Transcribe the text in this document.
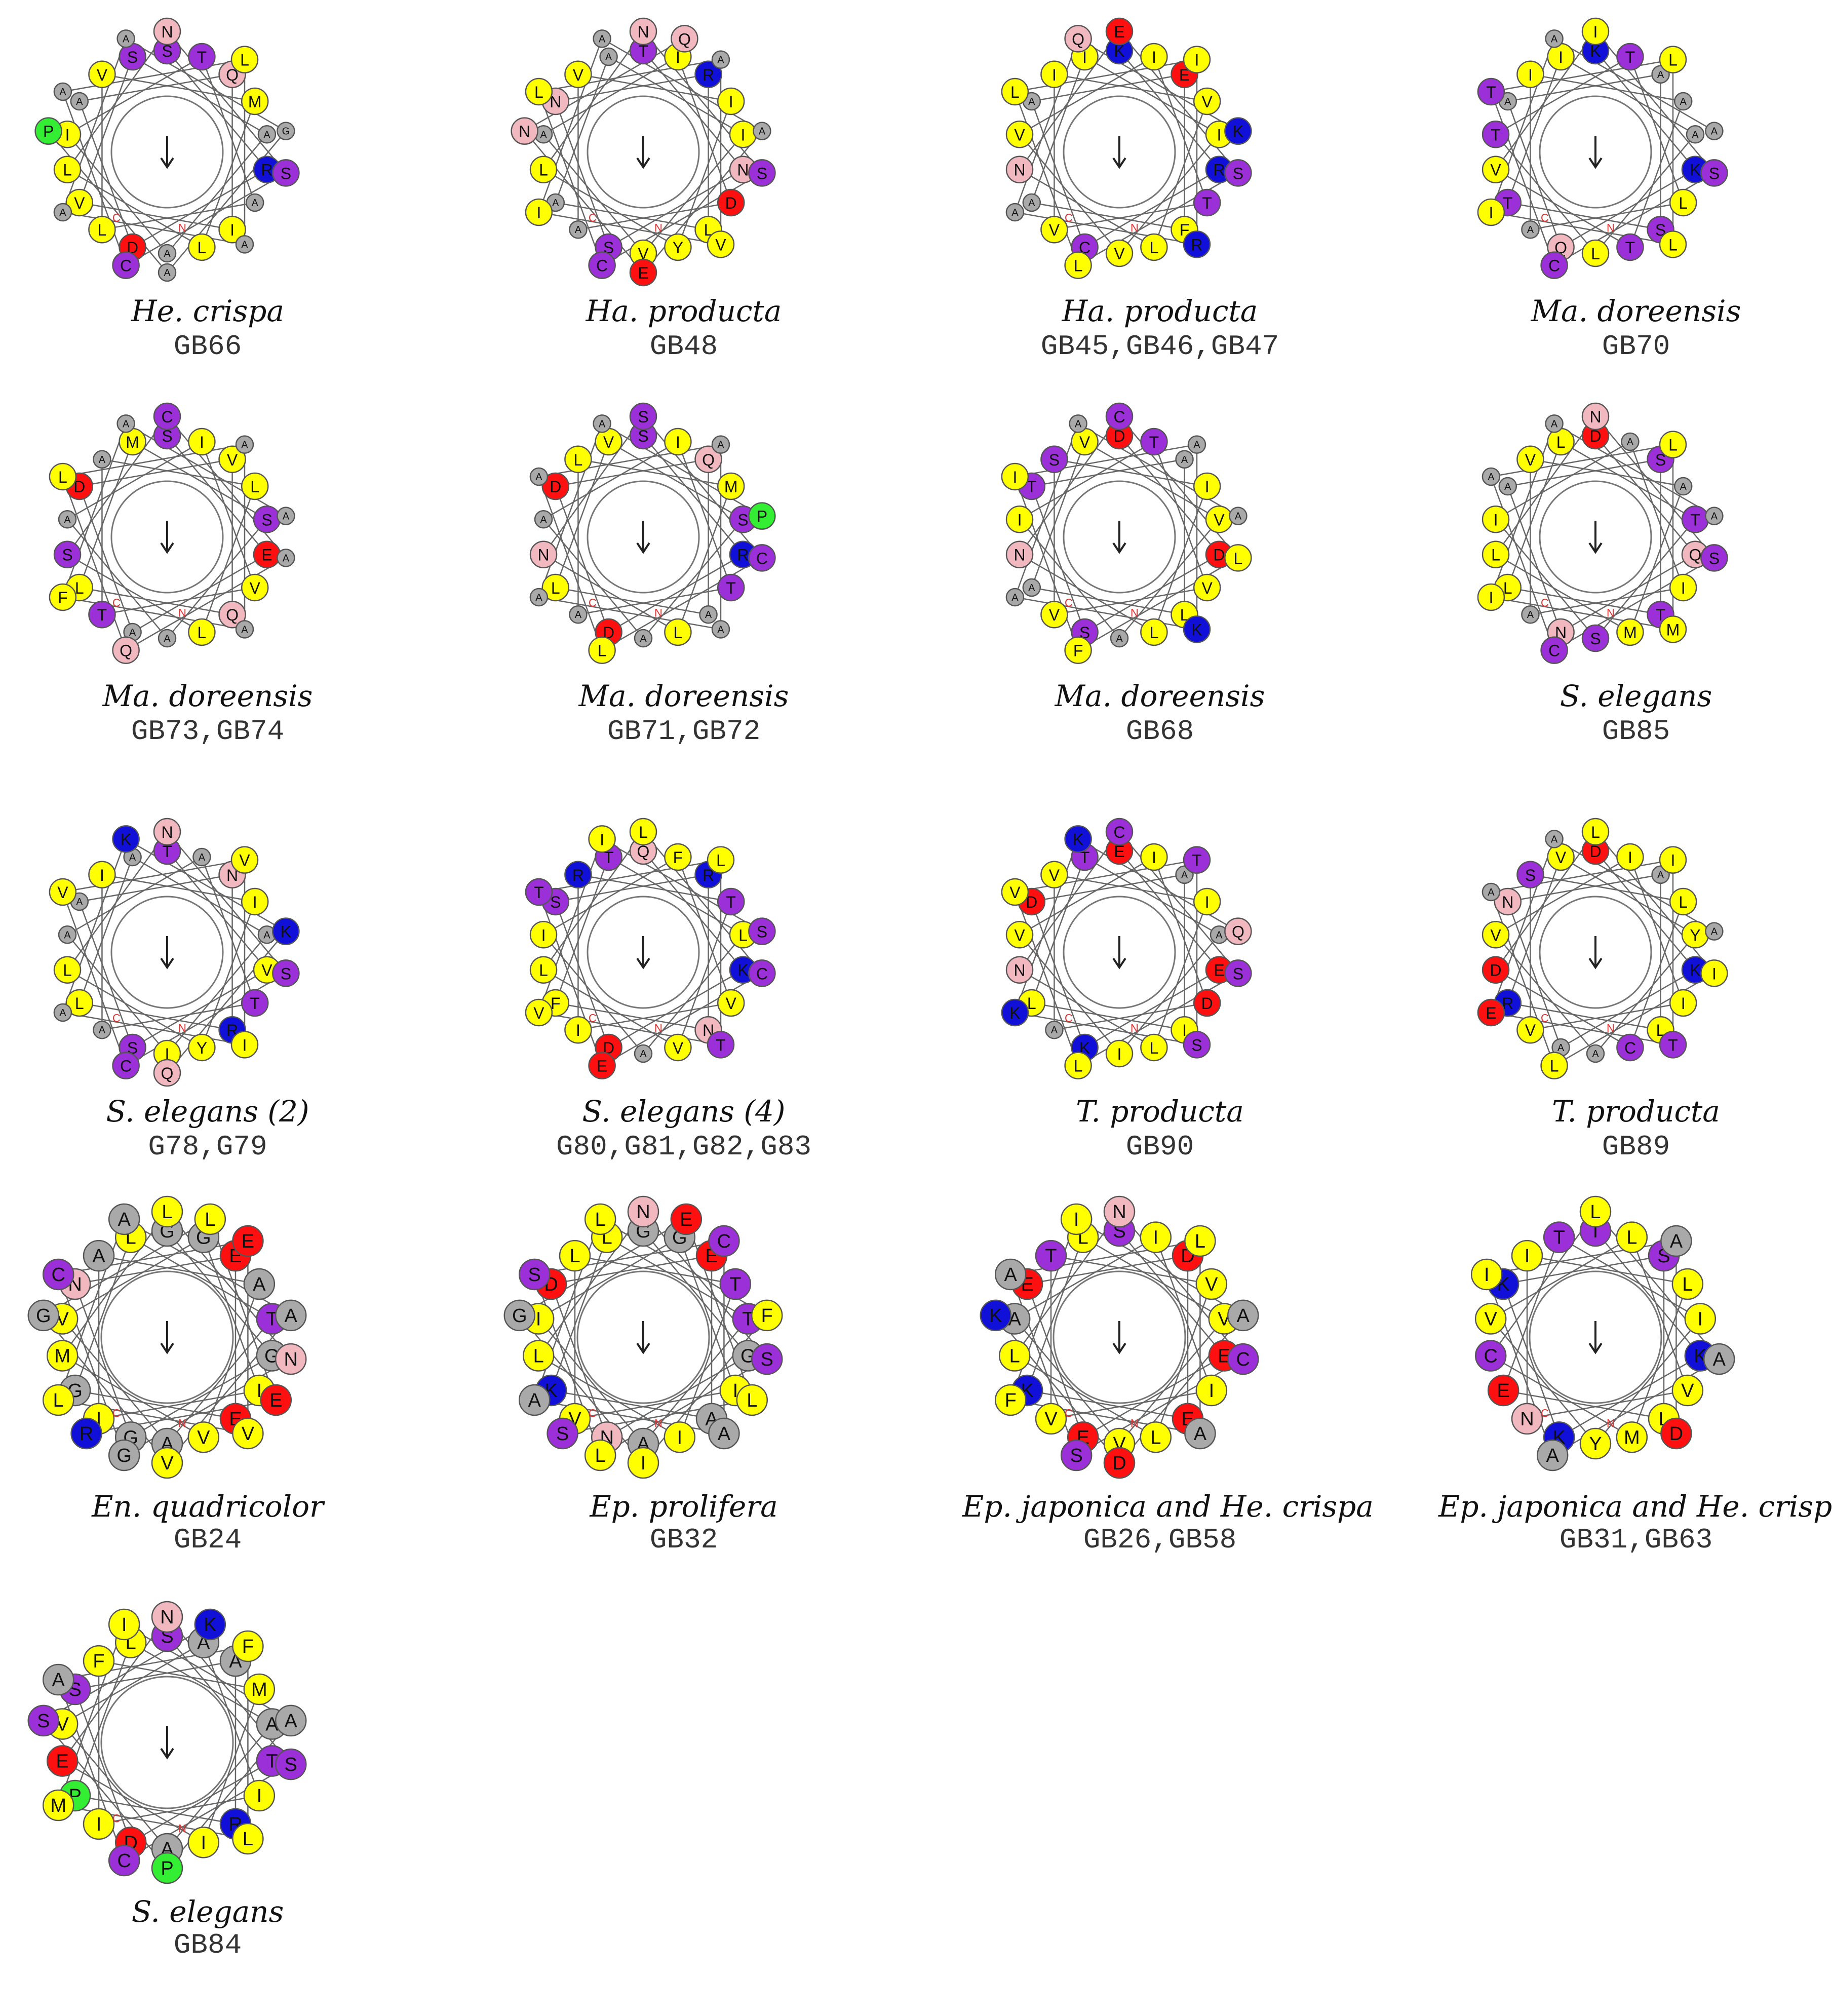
S
R
D
A
Q
I
V
S
A
A
I
T
A
L
V
M
L
L
N
S
C
A
L
A
A
A
G
A
P
N
C
He. crispa
GB66
T
N
S
N
R
L
A
A
I
V
A
I
D
A
V
I
Y
L
N
S
C
L
A
V
I
A
A
E
N
Q
N
C
Ha. producta
GB48
K
R
C
A
E
F
A
I
I
V
V
I
T
V
I
V
L
N
E
S
L
L
I
R
A
Q
K
N
C
Ha. producta
GB45,GB46,GB47
K
K
Q
A
A
S
T
I
A
L
T
T
L
A
I
A
T
V
I
S
C
T
L
L
I
A
A
N
C
Ma. doreensis
GB70
S
E
A
D
V
Q
L
M
S
A
A
I
V
T
A
L
L
S
C
A
Q
L
A
A
F
A
A
N
C
Ma. doreensis
GB73,GB74
S
R
D
D
Q
A
L
V
S
A
A
I
T
A
L
M
L
N
S
C
L
A
A
A
A
A
P
N
C
Ma. doreensis
GB71,GB72
D
D
S
T
A
L
A
V
V
A
I
T
V
V
S
I
L
N
C
L
F
I
A
K
A
A
A
N
C
Ma. doreensis
GB68
D
Q
N
A
S
T
L
L
T
S
I
A
I
A
V
A
M
L
N
S
C
A
L
M
I
A
A
N
C
S. elegans
GB85
T
V
S
A
N
R
L
A
A
I
A
A
T
A
I
I
Y
L
N
S
C
V
V
I
A
K
K
Q
N
C
S. elegans (2)
G78,G79
Q
K
D
S
R
N
F
T
L
A
I
F
V
I
R
T
V
L
L
C
E
T
L
T
V
I
S
N
C
S. elegans (4)
G80,G81,G82,G83
E
E
K
D
A
I
L
T
A
I
V
I
D
A
V
I
L
N
C
S
L
V
T
S
K
K
Q
N
C
T. producta
GB90
D
K
A
N
A
L
R
V
Y
A
V
I
I
V
S
L
C
D
L
I
L
A
I
T
E
A
A
N
C
T. producta
GB89
G
G
G
N
E
E
G
L
T
A
V
G
I
I
A
A
V
M
L
N
G
C
E
V
L
A
A
V
G
L
E
R	N
C
En. quadricolor
GB24
G
G
N
D
E
A
K
L
T
A
I
G
I
V
L
T
I
L
N
S
L
S
C
A
A
L
F
I
G
E
L
S	N
C
Ep. prolifera
GB32
S
E
E
E
D
E
K
L
V
V
A
I
I
V
T
V
L
L
N
C
S
A
L
A
F
I
A
D
K
N
C
Ep. japonica and He. crispa
GB26,GB58
T
K
K
K
S
L
E
T
I
Y
V
L
V
N
I
L
M
C
L
A
A
I
A
D
N
C
Ep. japonica and He. crispa
GB31,GB63
S
T
D
S
A
R
P
L
A
A
V
A
I
I
F
M
I
E
N
S
C
A
F
L
M
I
A
P
S
K
N
C
S. elegans
GB84
